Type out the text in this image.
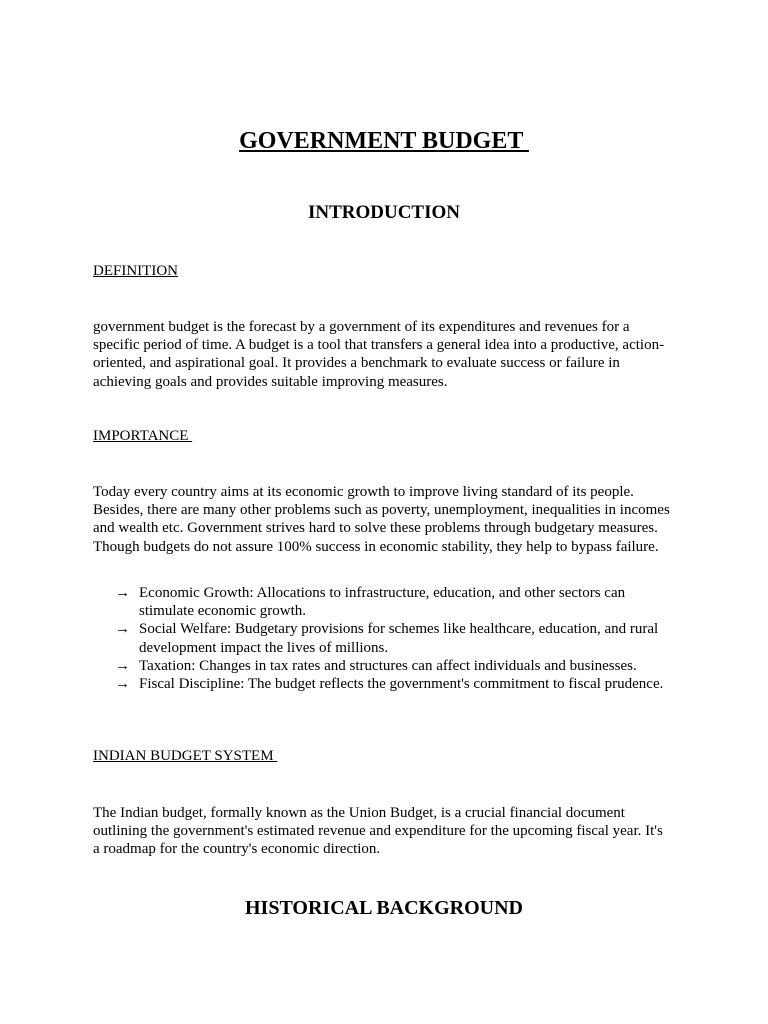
GOVERNMENT BUDGET
INTRODUCTION
DEFINITION

government budget is the forecast by a government of its expenditures and revenues for a specific period of time. A budget is a tool that transfers a general idea into a productive, action-oriented, and aspirational goal. It provides a benchmark to evaluate success or failure in achieving goals and provides suitable improving measures.

IMPORTANCE

Today every country aims at its economic growth to improve living standard of its people. Besides, there are many other problems such as poverty, unemployment, inequalities in incomes and wealth etc. Government strives hard to solve these problems through budgetary measures. Though budgets do not assure 100% success in economic stability, they help to bypass failure.

→ Economic Growth: Allocations to infrastructure, education, and other sectors can stimulate economic growth.
→ Social Welfare: Budgetary provisions for schemes like healthcare, education, and rural development impact the lives of millions.
→ Taxation: Changes in tax rates and structures can affect individuals and businesses.
→ Fiscal Discipline: The budget reflects the government's commitment to fiscal prudence.
INDIAN BUDGET SYSTEM

The Indian budget, formally known as the Union Budget, is a crucial financial document outlining the government's estimated revenue and expenditure for the upcoming fiscal year. It's a roadmap for the country's economic direction.

HISTORICAL BACKGROUND
